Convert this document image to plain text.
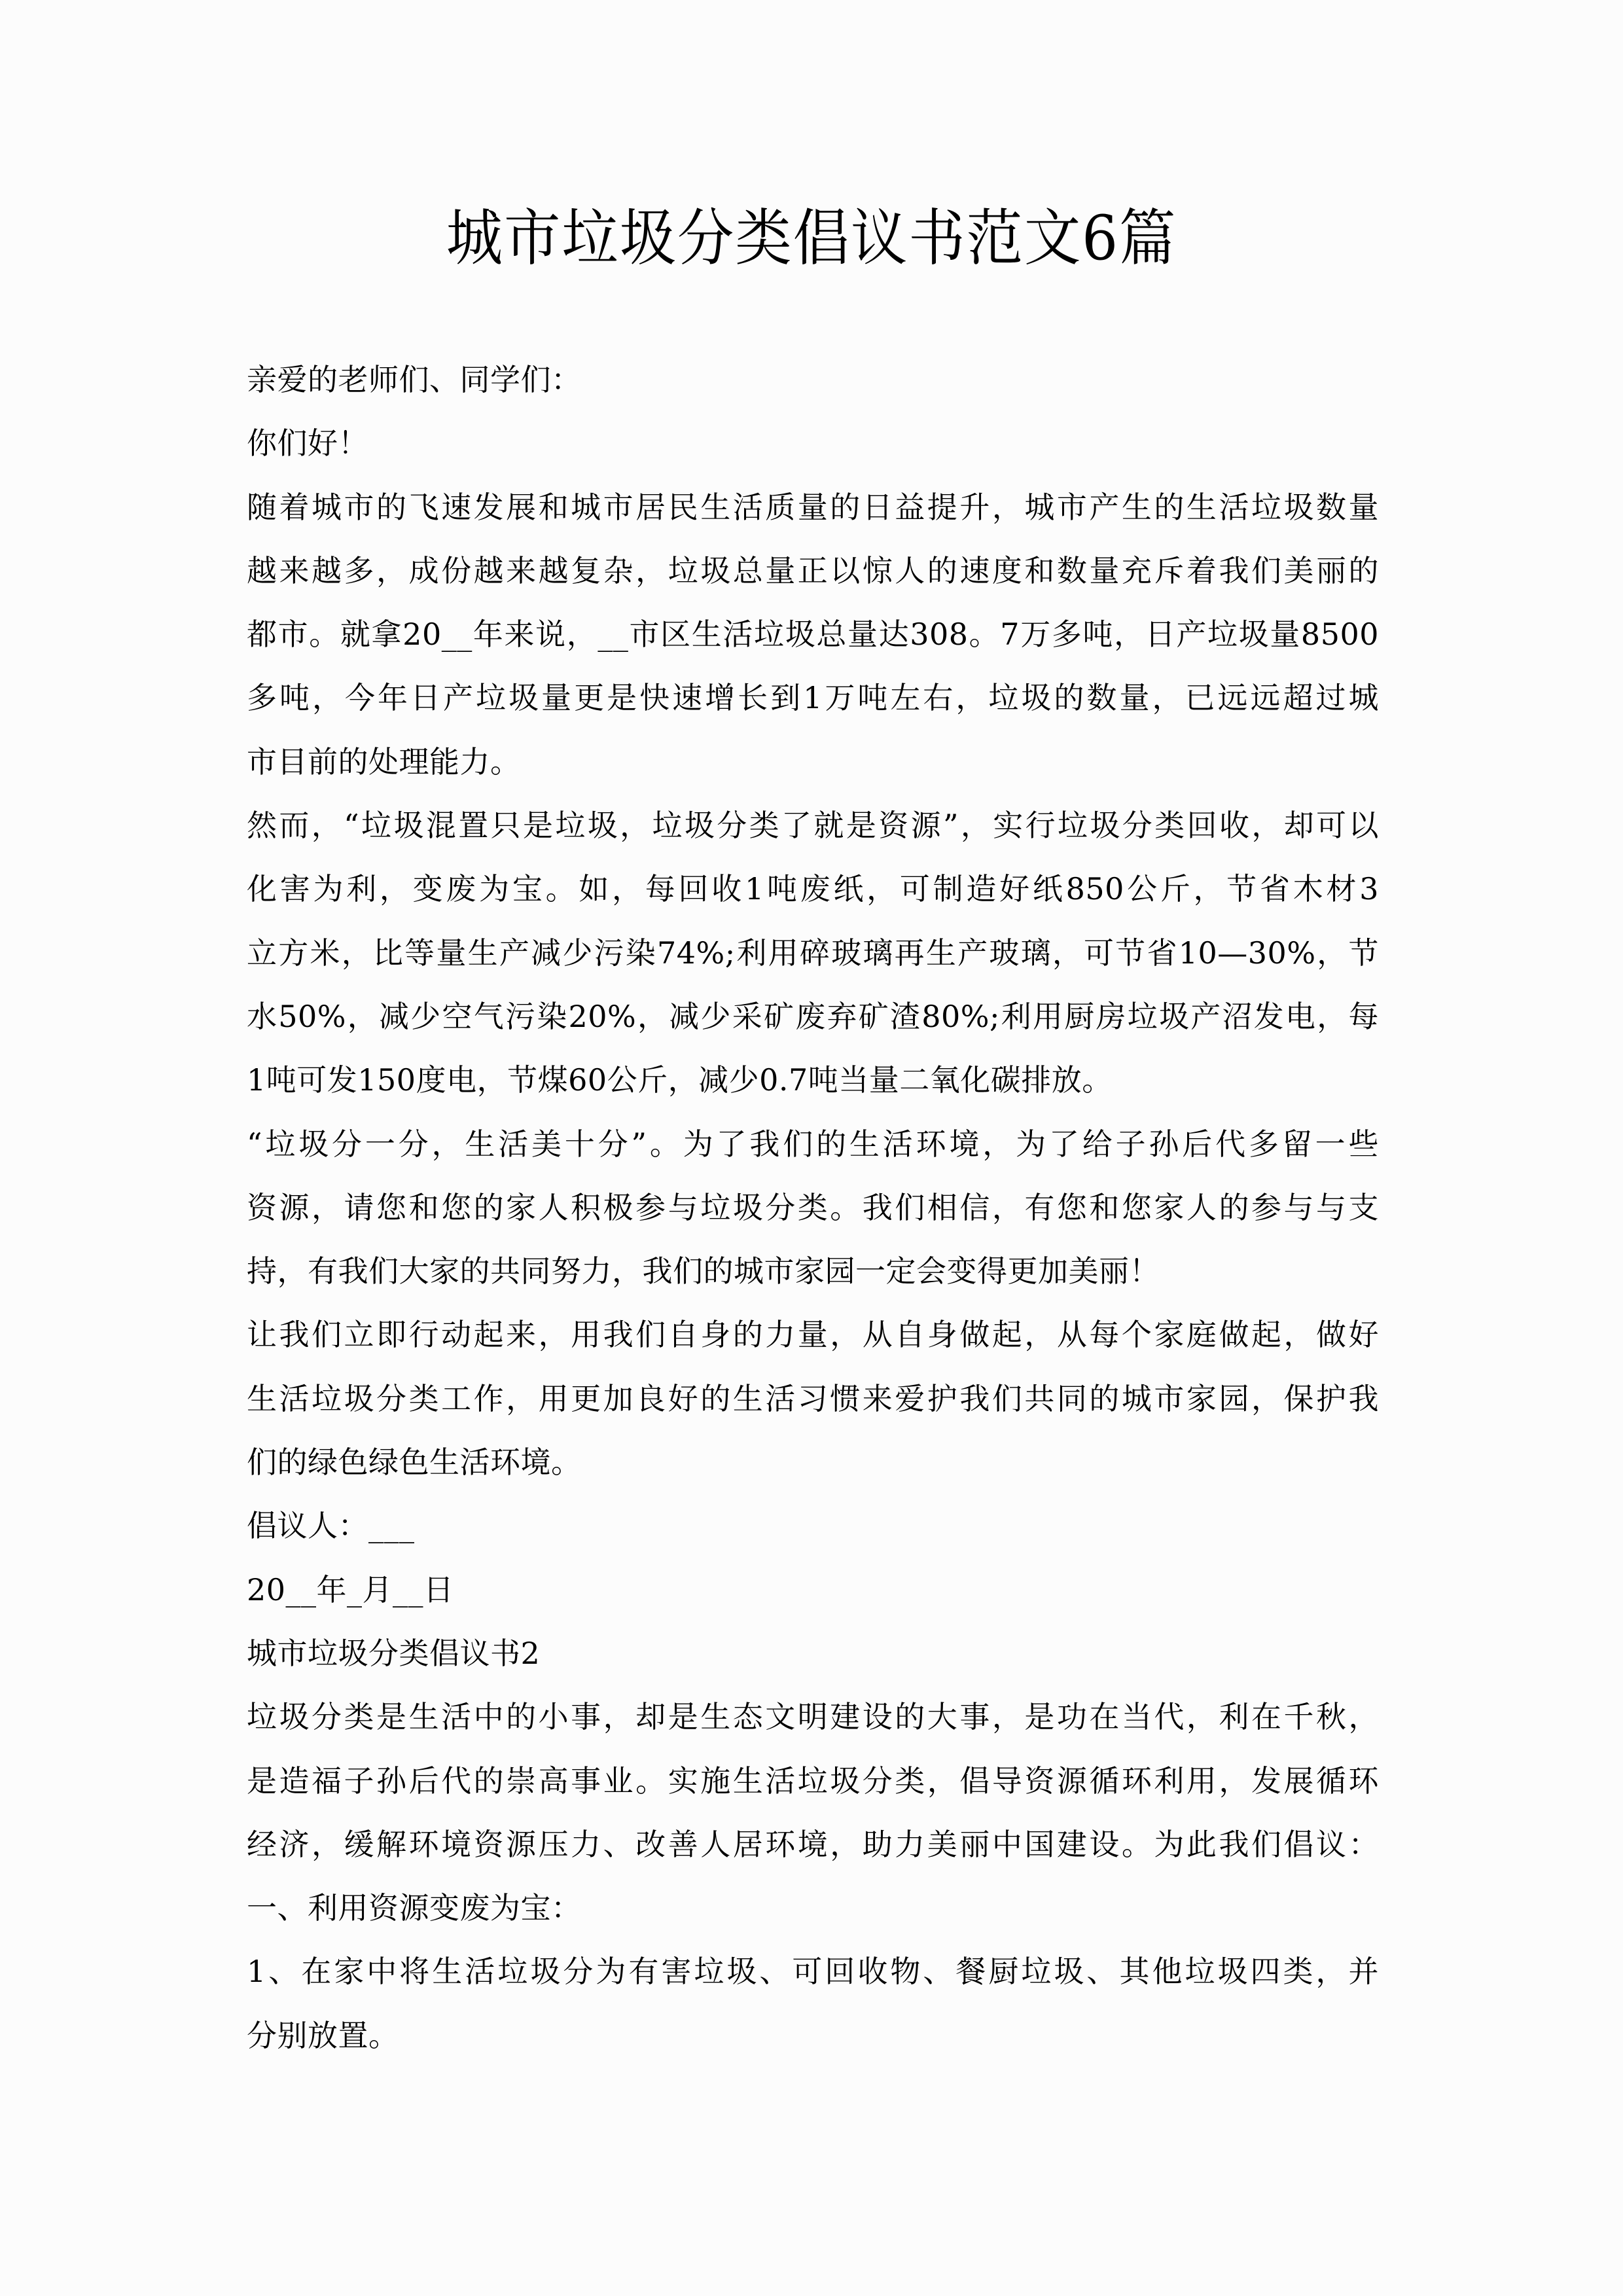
城市垃圾分类倡议书范文6篇
亲爱的老师们、同学们：
你们好！
随着城市的飞速发展和城市居民生活质量的日益提升，城市产生的生活垃圾数量
越来越多，成份越来越复杂，垃圾总量正以惊人的速度和数量充斥着我们美丽的
都市。就拿20__年来说，__市区生活垃圾总量达308。7万多吨，日产垃圾量8500
多吨，今年日产垃圾量更是快速增长到1万吨左右，垃圾的数量，已远远超过城
市目前的处理能力。
然而，“垃圾混置只是垃圾，垃圾分类了就是资源”，实行垃圾分类回收，却可以
化害为利，变废为宝。如，每回收1吨废纸，可制造好纸850公斤，节省木材3
立方米，比等量生产减少污染74%;利用碎玻璃再生产玻璃，可节省10—30%，节
水50%，减少空气污染20%，减少采矿废弃矿渣80%;利用厨房垃圾产沼发电，每
1吨可发150度电，节煤60公斤，减少0.7吨当量二氧化碳排放。
“垃圾分一分，生活美十分”。为了我们的生活环境，为了给子孙后代多留一些
资源，请您和您的家人积极参与垃圾分类。我们相信，有您和您家人的参与与支
持，有我们大家的共同努力，我们的城市家园一定会变得更加美丽！
让我们立即行动起来，用我们自身的力量，从自身做起，从每个家庭做起，做好
生活垃圾分类工作，用更加良好的生活习惯来爱护我们共同的城市家园，保护我
们的绿色绿色生活环境。
倡议人：___
20__年_月__日
城市垃圾分类倡议书2
垃圾分类是生活中的小事，却是生态文明建设的大事，是功在当代，利在千秋，
是造福子孙后代的崇高事业。实施生活垃圾分类，倡导资源循环利用，发展循环
经济，缓解环境资源压力、改善人居环境，助力美丽中国建设。为此我们倡议：
一、利用资源变废为宝：
1、在家中将生活垃圾分为有害垃圾、可回收物、餐厨垃圾、其他垃圾四类，并
分别放置。
